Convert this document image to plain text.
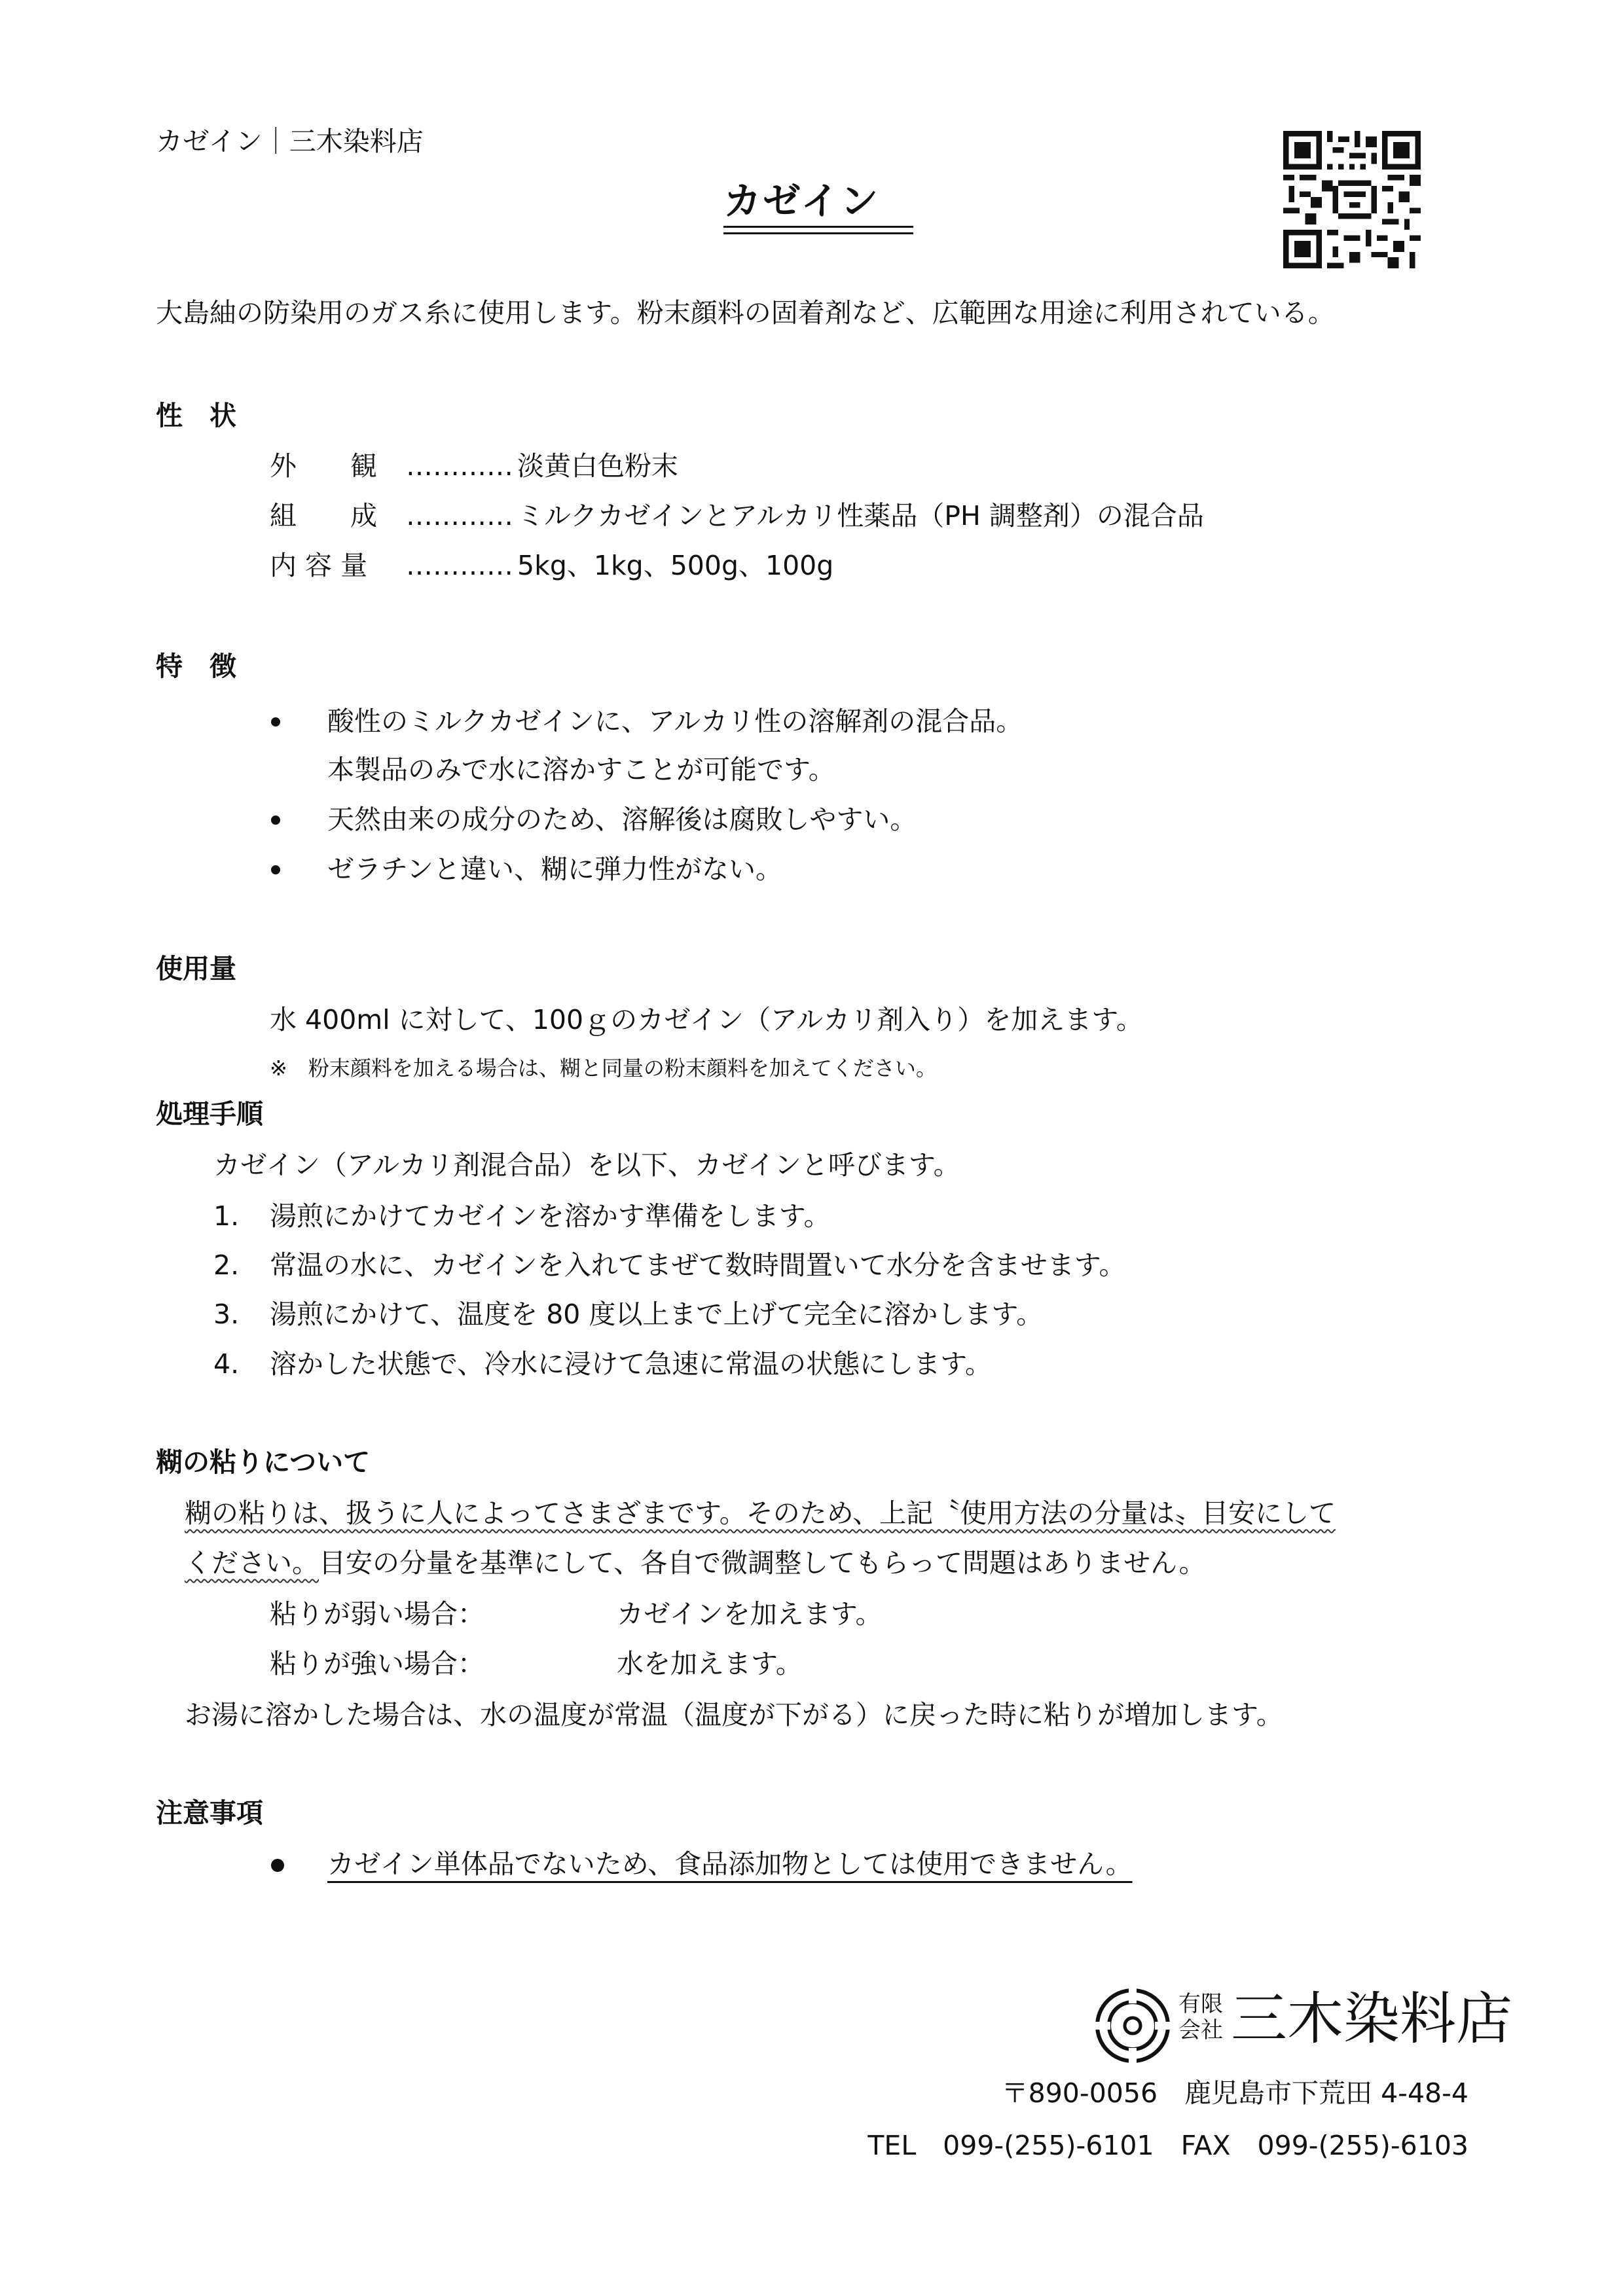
カゼイン｜三木染料店
カゼイン
大島紬の防染用のガス糸に使用します。粉末顔料の固着剤など、広範囲な用途に利用されている。
性　状
外　　観 ………… 淡黄白色粉末
組　　成 ………… ミルクカゼインとアルカリ性薬品（PH 調整剤）の混合品
内 容 量 ………… 5kg、1kg、500g、100g
特　徴
酸性のミルクカゼインに、アルカリ性の溶解剤の混合品。
本製品のみで水に溶かすことが可能です。
天然由来の成分のため、溶解後は腐敗しやすい。
ゼラチンと違い、糊に弾力性がない。
使用量
水 400ml に対して、100ｇのカゼイン（アルカリ剤入り）を加えます。
※　粉末顔料を加える場合は、糊と同量の粉末顔料を加えてください。
処理手順
カゼイン（アルカリ剤混合品）を以下、カゼインと呼びます。
1. 湯煎にかけてカゼインを溶かす準備をします。
2. 常温の水に、カゼインを入れてまぜて数時間置いて水分を含ませます。
3. 湯煎にかけて、温度を 80 度以上まで上げて完全に溶かします。
4. 溶かした状態で、冷水に浸けて急速に常温の状態にします。
糊の粘りについて
糊の粘りは、扱うに人によってさまざまです。そのため、上記〝使用方法の分量は〟目安にして
ください。目安の分量を基準にして、各自で微調整してもらって問題はありません。
粘りが弱い場合：	カゼインを加えます。
粘りが強い場合：	水を加えます。
お湯に溶かした場合は、水の温度が常温（温度が下がる）に戻った時に粘りが増加します。
注意事項
カゼイン単体品でないため、食品添加物としては使用できません。
有限
会社 三木染料店
〒890-0056　鹿児島市下荒田 4-48-4
TEL　099-(255)-6101　FAX　099-(255)-6103
